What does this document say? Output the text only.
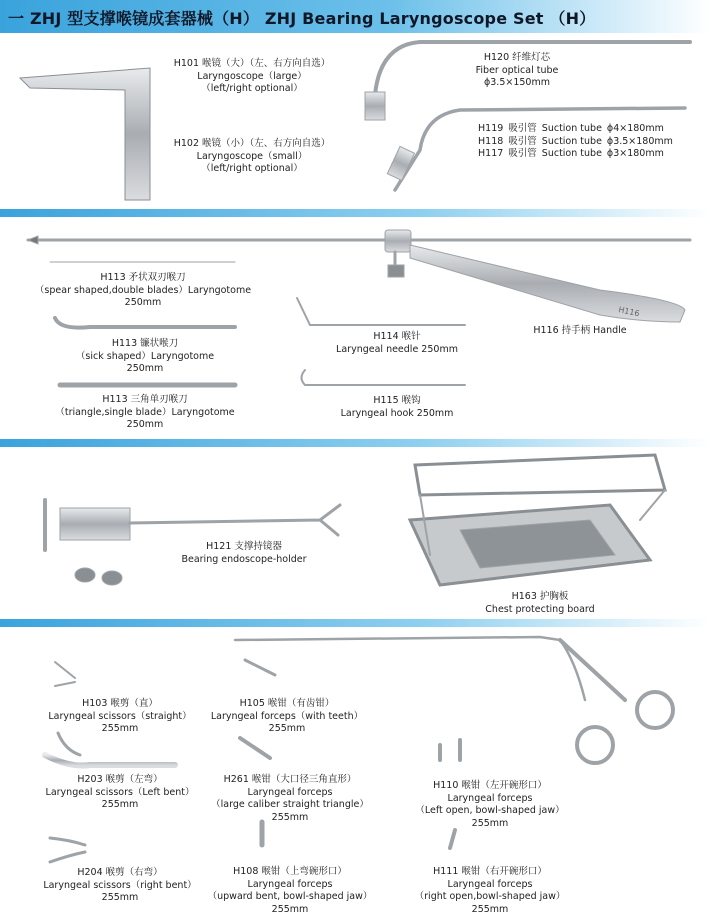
一 ZHJ 型支撑喉镜成套器械（H） ZHJ Bearing Laryngoscope Set （H）
H116
H101 喉镜（大）（左、右方向自选）
Laryngoscope（large）
（left/right optional）
H102 喉镜（小）（左、右方向自选）
Laryngoscope（small）
（left/right optional）
H120 纤维灯芯
Fiber optical tube
ϕ3.5×150mm
H119	吸引管	Suction tube	ϕ4×180mm
H118	吸引管	Suction tube	ϕ3.5×180mm
H117	吸引管	Suction tube	ϕ3×180mm
H113 矛状双刃喉刀
（spear shaped,double blades）Laryngotome
250mm
H113 镰状喉刀
（sick shaped）Laryngotome
250mm
H113 三角单刃喉刀
（triangle,single blade）Laryngotome
250mm
H114 喉针
Laryngeal needle 250mm
H115 喉钩
Laryngeal hook 250mm
H116 持手柄 Handle
H121 支撑持镜器
Bearing endoscope-holder
H163 护胸板
Chest protecting board
H103 喉剪（直）
Laryngeal scissors（straight）
255mm
H105 喉钳（有齿钳）
Laryngeal forceps（with teeth）
255mm
H203 喉剪（左弯）
Laryngeal scissors（Left bent）
255mm
H261 喉钳（大口径三角直形）
Laryngeal forceps
（large caliber straight triangle）
255mm
H110 喉钳（左开碗形口）
Laryngeal forceps
（Left open, bowl-shaped jaw）
255mm
H204 喉剪（右弯）
Laryngeal scissors（right bent）
255mm
H108 喉钳（上弯碗形口）
Laryngeal forceps
（upward bent, bowl-shaped jaw）
255mm
H111 喉钳（右开碗形口）
Laryngeal forceps
（right open,bowl-shaped jaw）
255mm
